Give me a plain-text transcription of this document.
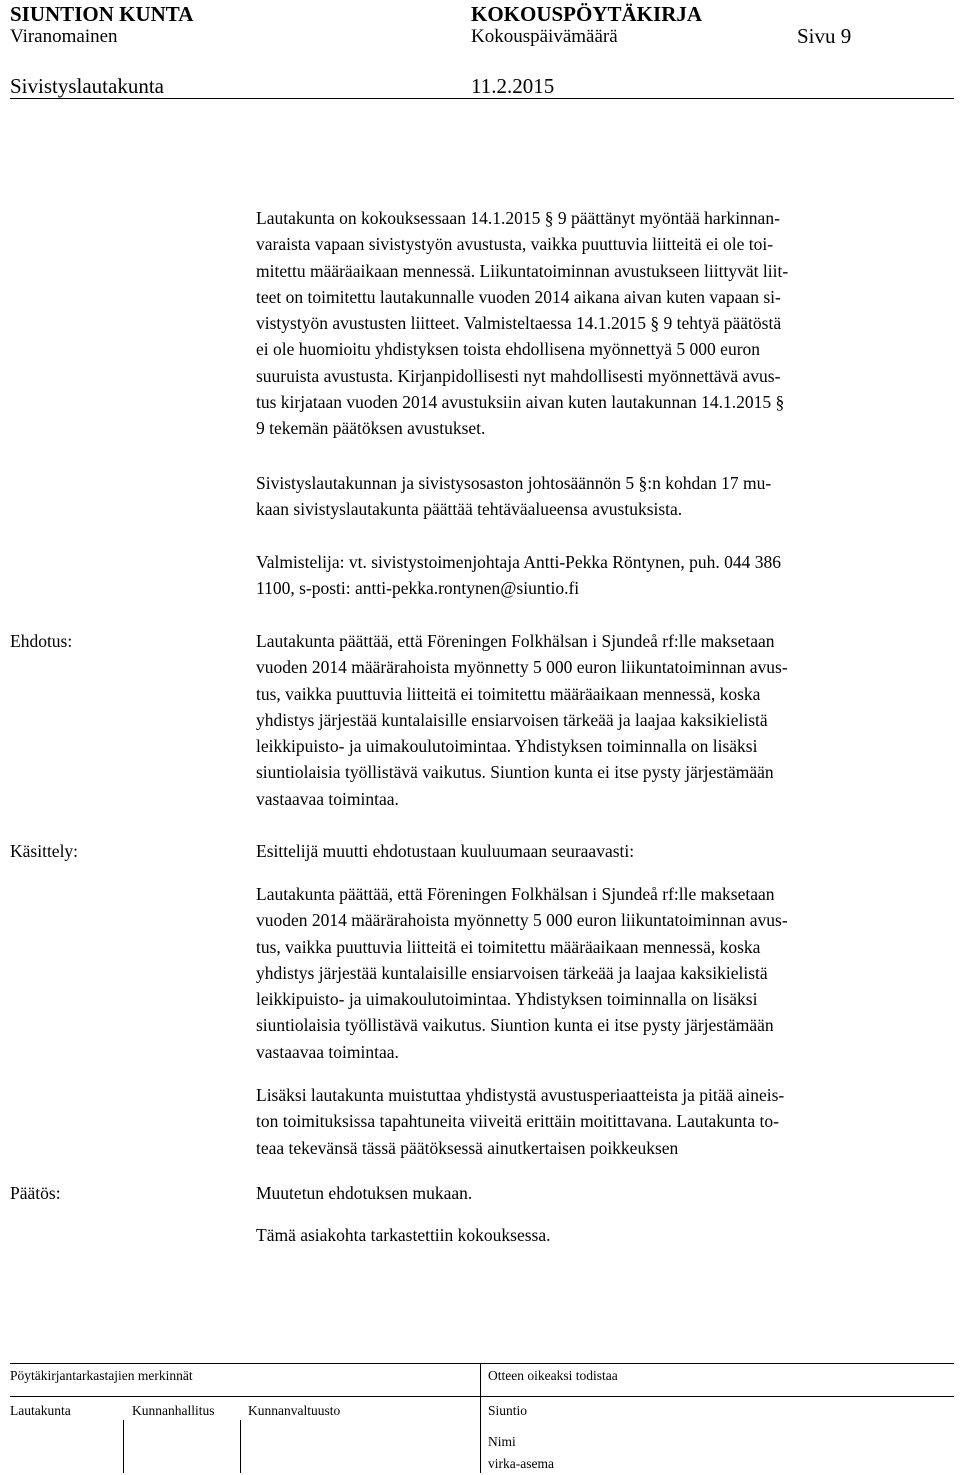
SIUNTION KUNTA	KOKOUSPÖYTÄKIRJA
Viranomainen	Kokouspäivämäärä	Sivu 9
Sivistyslautakunta	11.2.2015
Lautakunta on kokouksessaan 14.1.2015 § 9 päättänyt myöntää harkinnan-
varaista vapaan sivistystyön avustusta, vaikka puuttuvia liitteitä ei ole toi-
mitettu määräaikaan mennessä. Liikuntatoiminnan avustukseen liittyvät liit-
teet on toimitettu lautakunnalle vuoden 2014 aikana aivan kuten vapaan si-
vistystyön avustusten liitteet. Valmisteltaessa 14.1.2015 § 9 tehtyä päätöstä
ei ole huomioitu yhdistyksen toista ehdollisena myönnettyä 5 000 euron
suuruista avustusta. Kirjanpidollisesti nyt mahdollisesti myönnettävä avus-
tus kirjataan vuoden 2014 avustuksiin aivan kuten lautakunnan 14.1.2015 §
9 tekemän päätöksen avustukset.
Sivistyslautakunnan ja sivistysosaston johtosäännön 5 §:n kohdan 17 mu-
kaan sivistyslautakunta päättää tehtäväalueensa avustuksista.
Valmistelija: vt. sivistystoimenjohtaja Antti-Pekka Röntynen, puh. 044 386
1100, s-posti: antti-pekka.rontynen@siuntio.fi
Ehdotus:	Lautakunta päättää, että Föreningen Folkhälsan i Sjundeå rf:lle maksetaan
vuoden 2014 määrärahoista myönnetty 5 000 euron liikuntatoiminnan avus-
tus, vaikka puuttuvia liitteitä ei toimitettu määräaikaan mennessä, koska
yhdistys järjestää kuntalaisille ensiarvoisen tärkeää ja laajaa kaksikielistä
leikkipuisto- ja uimakoulutoimintaa. Yhdistyksen toiminnalla on lisäksi
siuntiolaisia työllistävä vaikutus. Siuntion kunta ei itse pysty järjestämään
vastaavaa toimintaa.
Käsittely:	Esittelijä muutti ehdotustaan kuuluumaan seuraavasti:
Lautakunta päättää, että Föreningen Folkhälsan i Sjundeå rf:lle maksetaan
vuoden 2014 määrärahoista myönnetty 5 000 euron liikuntatoiminnan avus-
tus, vaikka puuttuvia liitteitä ei toimitettu määräaikaan mennessä, koska
yhdistys järjestää kuntalaisille ensiarvoisen tärkeää ja laajaa kaksikielistä
leikkipuisto- ja uimakoulutoimintaa. Yhdistyksen toiminnalla on lisäksi
siuntiolaisia työllistävä vaikutus. Siuntion kunta ei itse pysty järjestämään
vastaavaa toimintaa.
Lisäksi lautakunta muistuttaa yhdistystä avustusperiaatteista ja pitää aineis-
ton toimituksissa tapahtuneita viiveitä erittäin moitittavana. Lautakunta to-
teaa tekevänsä tässä päätöksessä ainutkertaisen poikkeuksen
Päätös:	Muutetun ehdotuksen mukaan.
Tämä asiakohta tarkastettiin kokouksessa.
Pöytäkirjantarkastajien merkinnät	Otteen oikeaksi todistaa
Lautakunta	Kunnanhallitus Kunnanvaltuusto	Siuntio
Nimi
virka-asema
